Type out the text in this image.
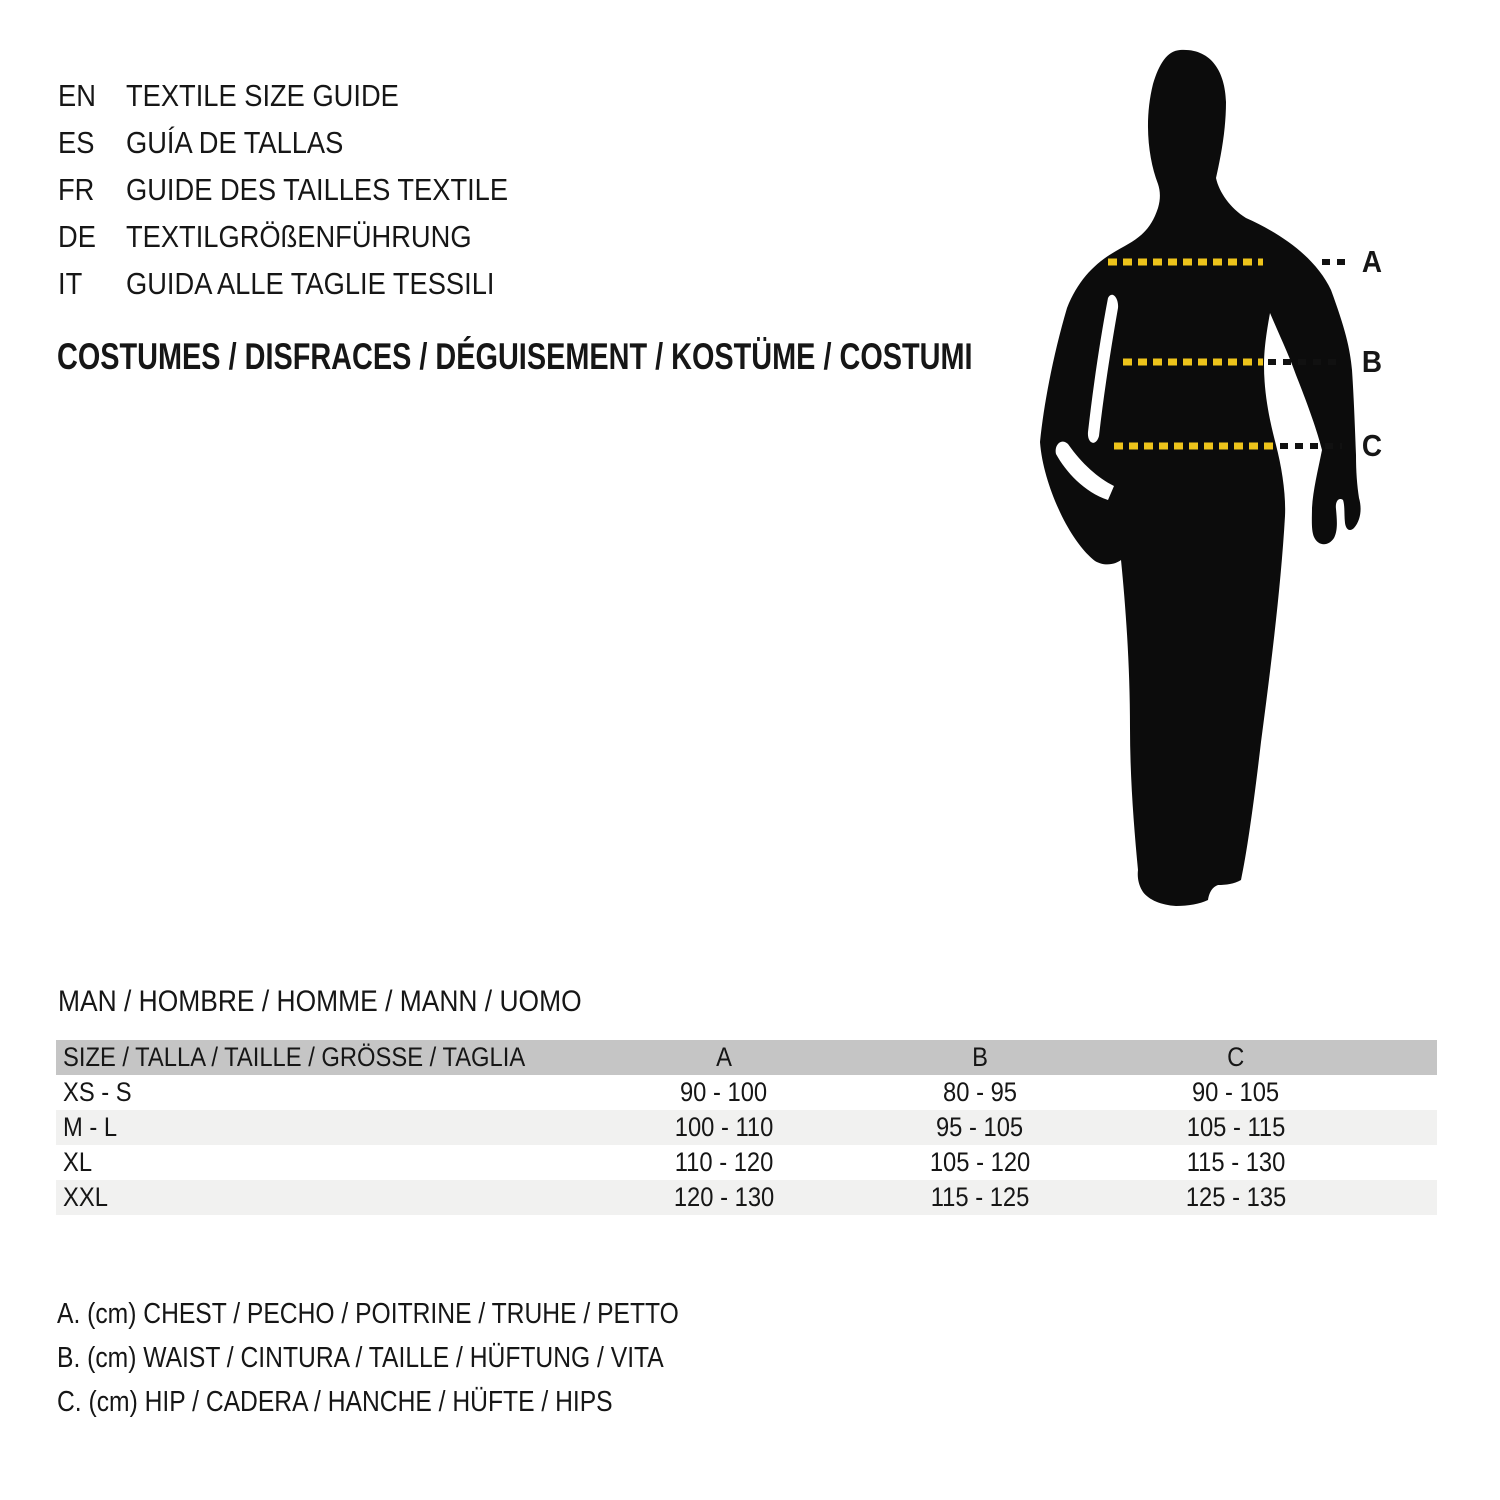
EN TEXTILE SIZE GUIDE
ES GUÍA DE TALLAS
FR GUIDE DES TAILLES TEXTILE
DE TEXTILGRÖßENFÜHRUNG
IT GUIDA ALLE TAGLIE TESSILI
COSTUMES / DISFRACES / DÉGUISEMENT / KOSTÜME / COSTUMI
A
B
C
MAN / HOMBRE / HOMME / MANN / UOMO
SIZE / TALLA / TAILLE / GRÖSSE / TAGLIA	A	B	C	
XS - S	90 - 100	80 - 95	90 - 105	
M - L	100 - 110	95 - 105	105 - 115	
XL	110 - 120	105 - 120	115 - 130	
XXL	120 - 130	115 - 125	125 - 135	
A. (cm) CHEST / PECHO / POITRINE / TRUHE / PETTO
B. (cm) WAIST / CINTURA / TAILLE / HÜFTUNG / VITA
C. (cm) HIP / CADERA / HANCHE / HÜFTE / HIPS
